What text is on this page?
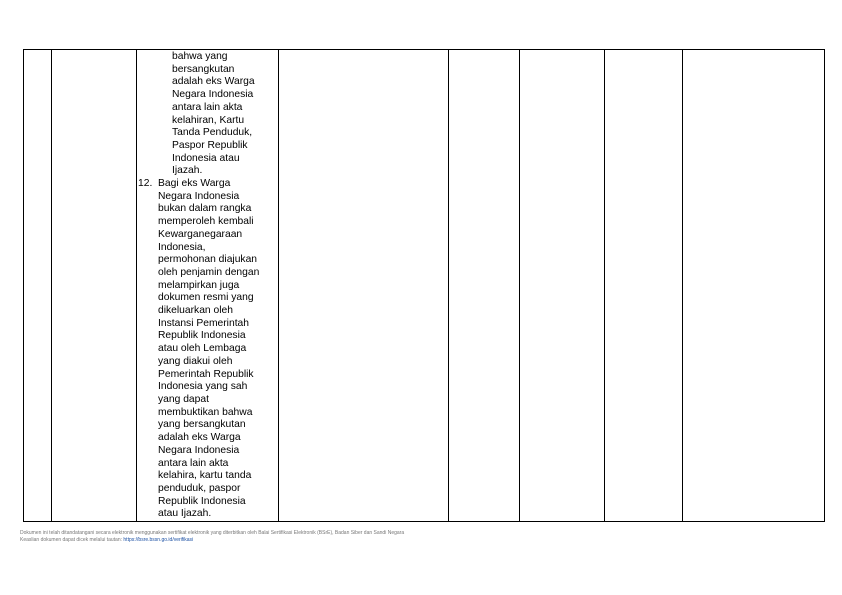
bahwa yang
bersangkutan
adalah eks Warga
Negara Indonesia
antara lain akta
kelahiran, Kartu
Tanda Penduduk,
Paspor Republik
Indonesia atau
Ijazah.
12. Bagi eks Warga
Negara Indonesia
bukan dalam rangka
memperoleh kembali
Kewarganegaraan
Indonesia,
permohonan diajukan
oleh penjamin dengan
melampirkan juga
dokumen resmi yang
dikeluarkan oleh
Instansi Pemerintah
Republik Indonesia
atau oleh Lembaga
yang diakui oleh
Pemerintah Republik
Indonesia yang sah
yang dapat
membuktikan bahwa
yang bersangkutan
adalah eks Warga
Negara Indonesia
antara lain akta
kelahira, kartu tanda
penduduk, paspor
Republik Indonesia
atau Ijazah.

Dokumen ini telah ditandatangani secara elektronik menggunakan sertifikat elektronik yang diterbitkan oleh Balai Sertifikasi Elektronik (BSrE), Badan Siber dan Sandi Negara
Keaslian dokumen dapat dicek melalui tautan: https://bsre.bssn.go.id/verifikasi
